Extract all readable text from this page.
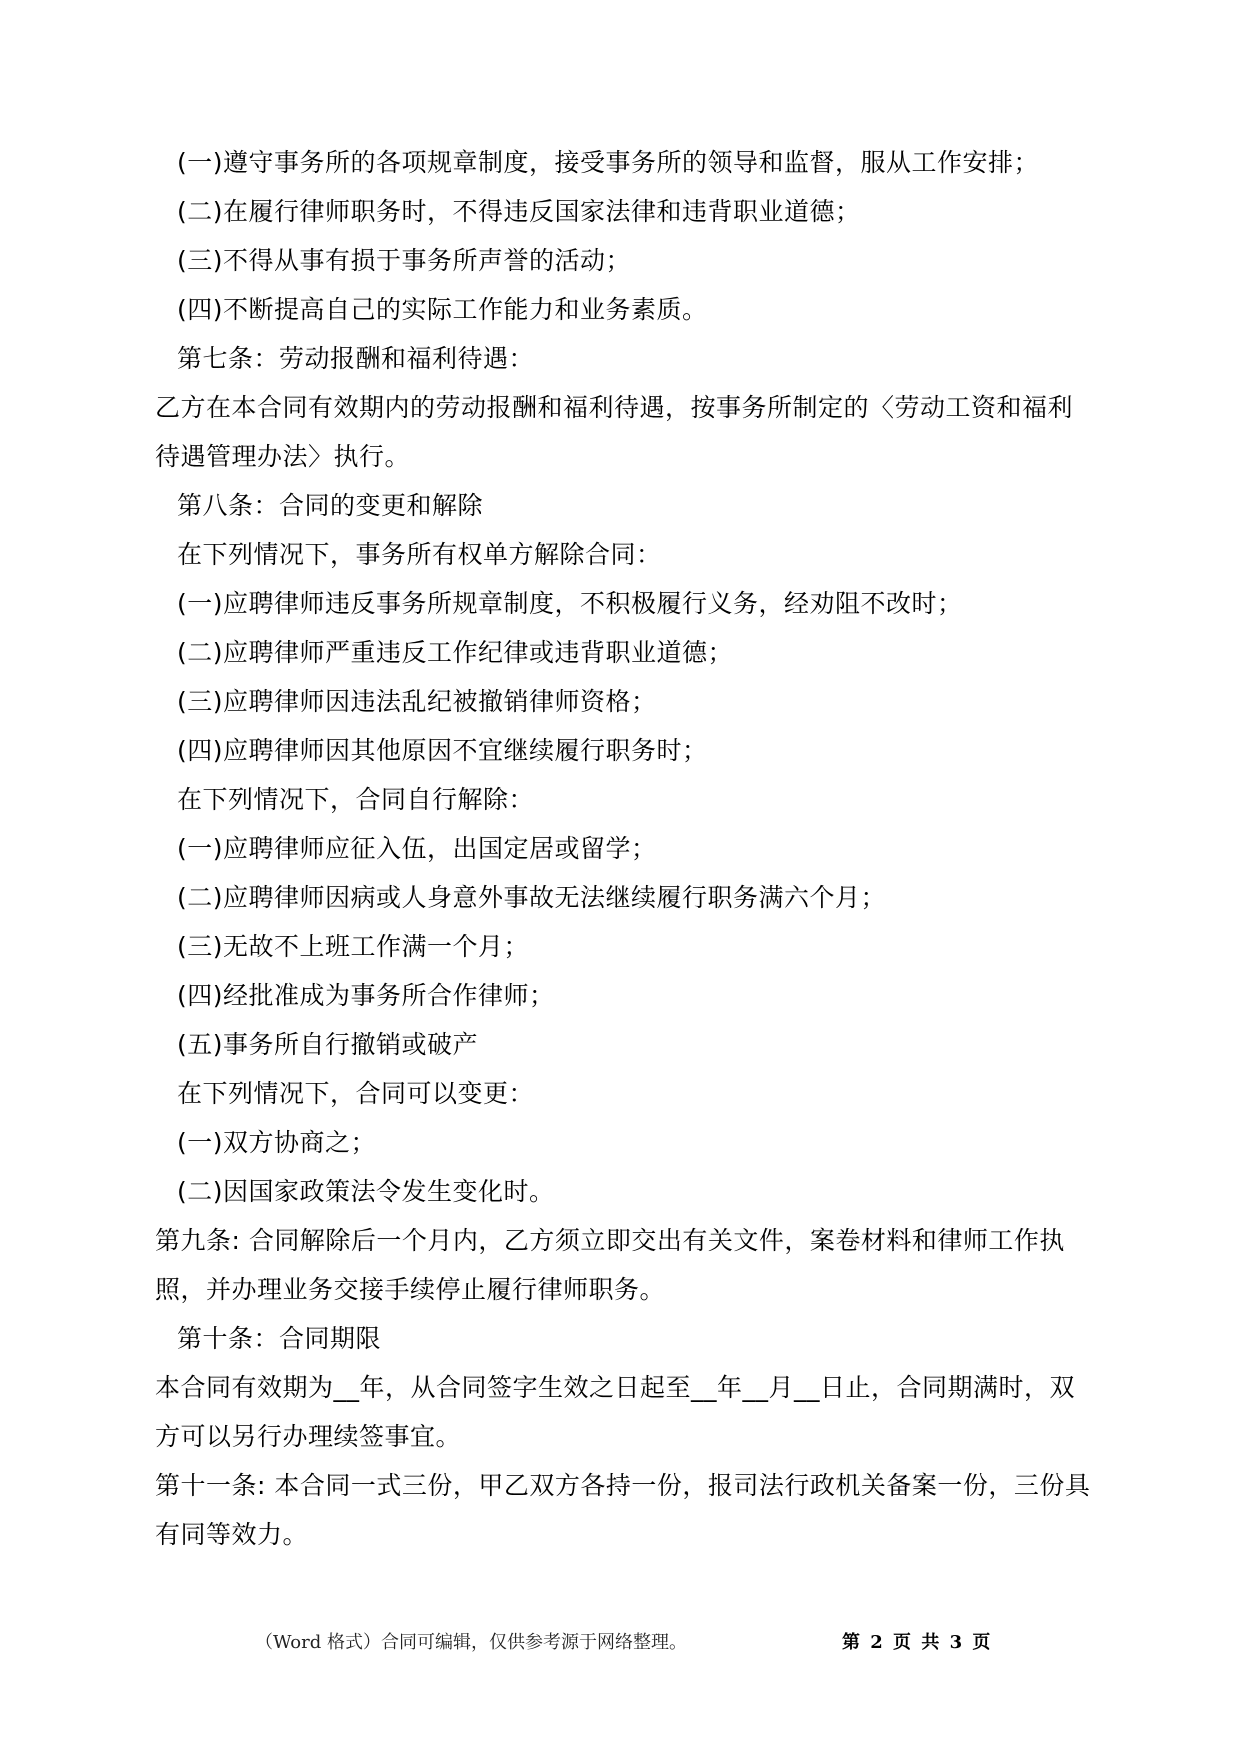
(一)遵守事务所的各项规章制度，接受事务所的领导和监督，服从工作安排；

(二)在履行律师职务时，不得违反国家法律和违背职业道德；

(三)不得从事有损于事务所声誉的活动；

(四)不断提高自己的实际工作能力和业务素质。

第七条：劳动报酬和福利待遇：

乙方在本合同有效期内的劳动报酬和福利待遇，按事务所制定的〈劳动工资和福利待遇管理办法〉执行。

第八条：合同的变更和解除

在下列情况下，事务所有权单方解除合同：

(一)应聘律师违反事务所规章制度，不积极履行义务，经劝阻不改时；

(二)应聘律师严重违反工作纪律或违背职业道德；

(三)应聘律师因违法乱纪被撤销律师资格；

(四)应聘律师因其他原因不宜继续履行职务时；

在下列情况下，合同自行解除：

(一)应聘律师应征入伍，出国定居或留学；

(二)应聘律师因病或人身意外事故无法继续履行职务满六个月；

(三)无故不上班工作满一个月；

(四)经批准成为事务所合作律师；

(五)事务所自行撤销或破产

在下列情况下，合同可以变更：

(一)双方协商之；

(二)因国家政策法令发生变化时。

第九条: 合同解除后一个月内，乙方须立即交出有关文件，案卷材料和律师工作执照，并办理业务交接手续停止履行律师职务。

第十条：合同期限

本合同有效期为__年，从合同签字生效之日起至__年__月__日止，合同期满时，双方可以另行办理续签事宜。

第十一条: 本合同一式三份，甲乙双方各持一份，报司法行政机关备案一份，三份具有同等效力。

（Word 格式）合同可编辑，仅供参考源于网络整理。	第 2 页 共 3 页
